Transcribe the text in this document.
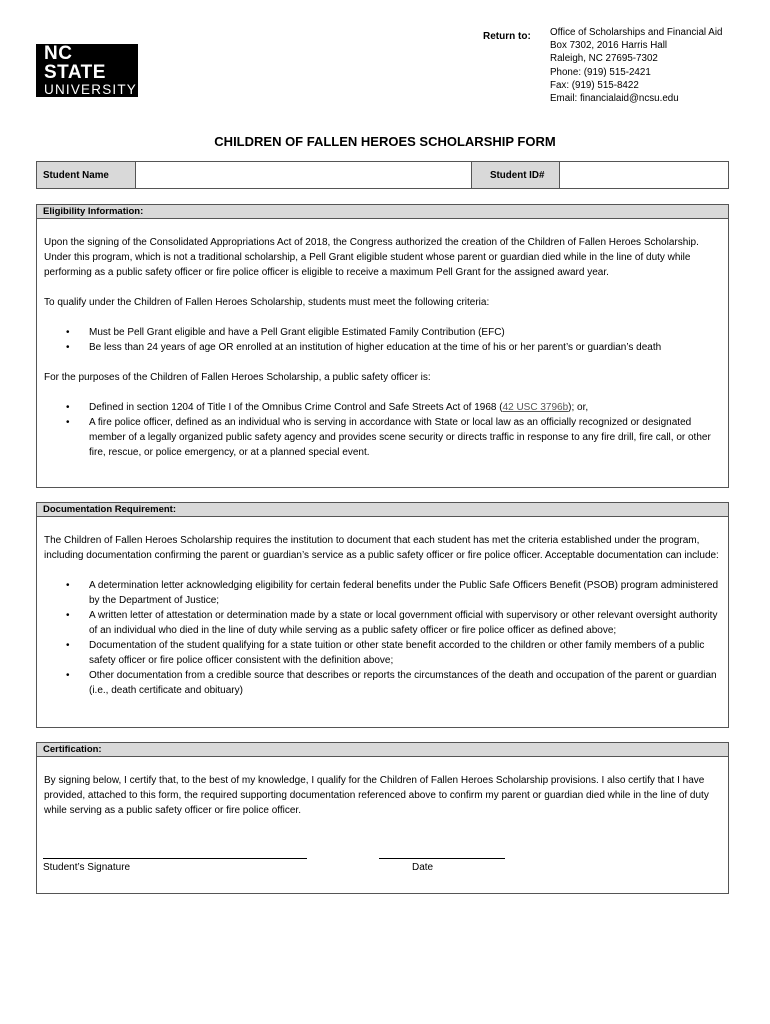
NC STATE
UNIVERSITY
Return to: Office of Scholarships and Financial Aid
Box 7302, 2016 Harris Hall
Raleigh, NC 27695-7302
Phone: (919) 515-2421
Fax: (919) 515-8422
Email: financialaid@ncsu.edu
CHILDREN OF FALLEN HEROES SCHOLARSHIP FORM
Student Name	Student ID#
Eligibility Information:

Upon the signing of the Consolidated Appropriations Act of 2018, the Congress authorized the creation of the Children of Fallen Heroes Scholarship. Under this program, which is not a traditional scholarship, a Pell Grant eligible student whose parent or guardian died while in the line of duty while performing as a public safety officer or fire police officer is eligible to receive a maximum Pell Grant for the assigned award year.

To qualify under the Children of Fallen Heroes Scholarship, students must meet the following criteria:

• Must be Pell Grant eligible and have a Pell Grant eligible Estimated Family Contribution (EFC)
• Be less than 24 years of age OR enrolled at an institution of higher education at the time of his or her parent’s or guardian’s death

For the purposes of the Children of Fallen Heroes Scholarship, a public safety officer is:

• Defined in section 1204 of Title I of the Omnibus Crime Control and Safe Streets Act of 1968 (42 USC 3796b); or,
• A fire police officer, defined as an individual who is serving in accordance with State or local law as an officially recognized or designated member of a legally organized public safety agency and provides scene security or directs traffic in response to any fire drill, fire call, or other fire, rescue, or police emergency, or at a planned special event.
Documentation Requirement:

The Children of Fallen Heroes Scholarship requires the institution to document that each student has met the criteria established under the program, including documentation confirming the parent or guardian’s service as a public safety officer or fire police officer. Acceptable documentation can include:

• A determination letter acknowledging eligibility for certain federal benefits under the Public Safe Officers Benefit (PSOB) program administered by the Department of Justice;
• A written letter of attestation or determination made by a state or local government official with supervisory or other relevant oversight authority of an individual who died in the line of duty while serving as a public safety officer or fire police officer as defined above;
• Documentation of the student qualifying for a state tuition or other state benefit accorded to the children or other family members of a public safety officer or fire police officer consistent with the definition above;
• Other documentation from a credible source that describes or reports the circumstances of the death and occupation of the parent or guardian (i.e., death certificate and obituary)
Certification:

By signing below, I certify that, to the best of my knowledge, I qualify for the Children of Fallen Heroes Scholarship provisions. I also certify that I have provided, attached to this form, the required supporting documentation referenced above to confirm my parent or guardian died while in the line of duty while serving as a public safety officer or fire police officer.

Student’s Signature	Date
